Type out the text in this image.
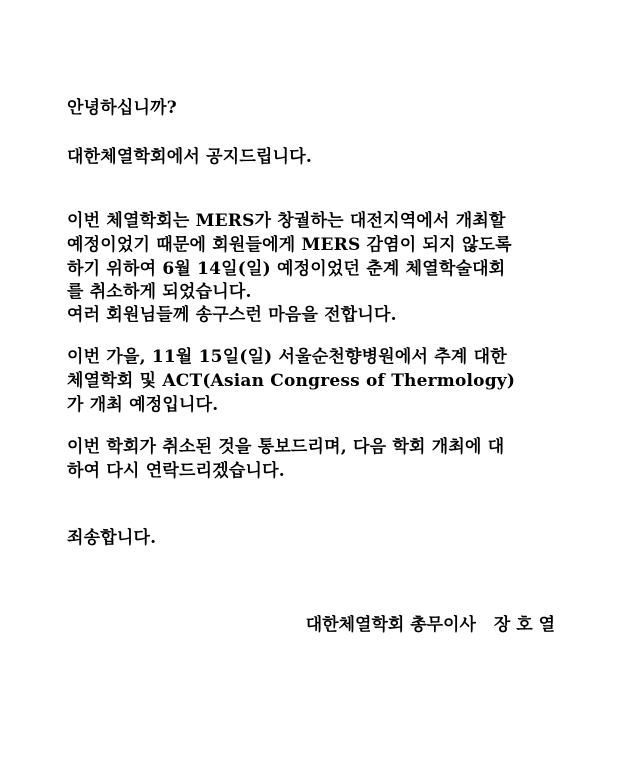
안녕하십니까?
대한체열학회에서 공지드립니다.
이번 체열학회는 MERS가 창궐하는 대전지역에서 개최할
예정이었기 때문에 회원들에게 MERS 감염이 되지 않도록
하기 위하여 6월 14일(일) 예정이었던 춘계 체열학술대회
를 취소하게 되었습니다.
여러 회원님들께 송구스런 마음을 전합니다.
이번 가을, 11월 15일(일) 서울순천향병원에서 추계 대한
체열학회 및 ACT(Asian Congress of Thermology)
가 개최 예정입니다.
이번 학회가 취소된 것을 통보드리며, 다음 학회 개최에 대
하여 다시 연락드리겠습니다.
죄송합니다.
대한체열학회 총무이사 장 호 열
